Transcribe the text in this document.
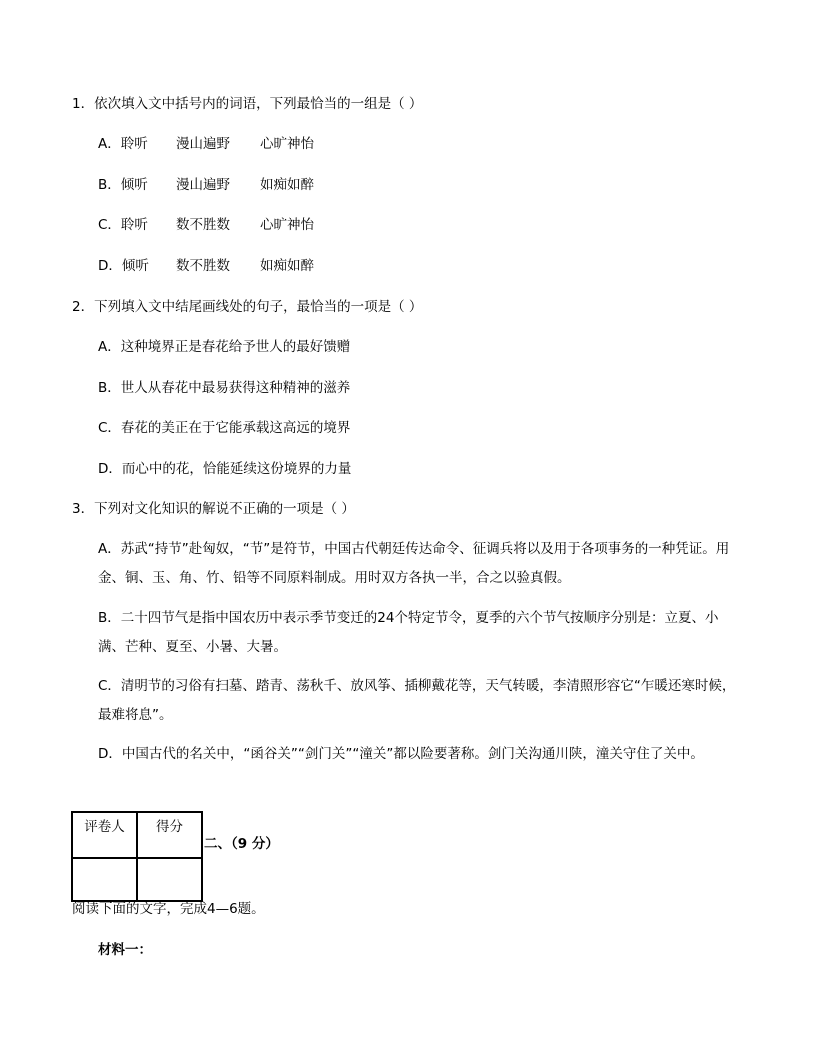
1．依次填入文中括号内的词语，下列最恰当的一组是（ ）
A．聆听 漫山遍野 心旷神怡
B．倾听 漫山遍野 如痴如醉
C．聆听 数不胜数 心旷神怡
D．倾听 数不胜数 如痴如醉
2．下列填入文中结尾画线处的句子，最恰当的一项是（ ）
A．这种境界正是春花给予世人的最好馈赠
B．世人从春花中最易获得这种精神的滋养
C．春花的美正在于它能承载这高远的境界
D．而心中的花，恰能延续这份境界的力量
3．下列对文化知识的解说不正确的一项是（ ）
A．苏武“持节”赴匈奴，“节”是符节，中国古代朝廷传达命令、征调兵将以及用于各项事务的一种凭证。用金、铜、玉、角、竹、铅等不同原料制成。用时双方各执一半，合之以验真假。
B．二十四节气是指中国农历中表示季节变迁的24个特定节令，夏季的六个节气按顺序分别是：立夏、小满、芒种、夏至、小暑、大暑。
C．清明节的习俗有扫墓、踏青、荡秋千、放风筝、插柳戴花等，天气转暖，李清照形容它“乍暖还寒时候，最难将息”。
D．中国古代的名关中，“函谷关”“剑门关”“潼关”都以险要著称。剑门关沟通川陕，潼关守住了关中。
评卷人	得分

二、（9 分）
阅读下面的文字，完成4—6题。
材料一：
